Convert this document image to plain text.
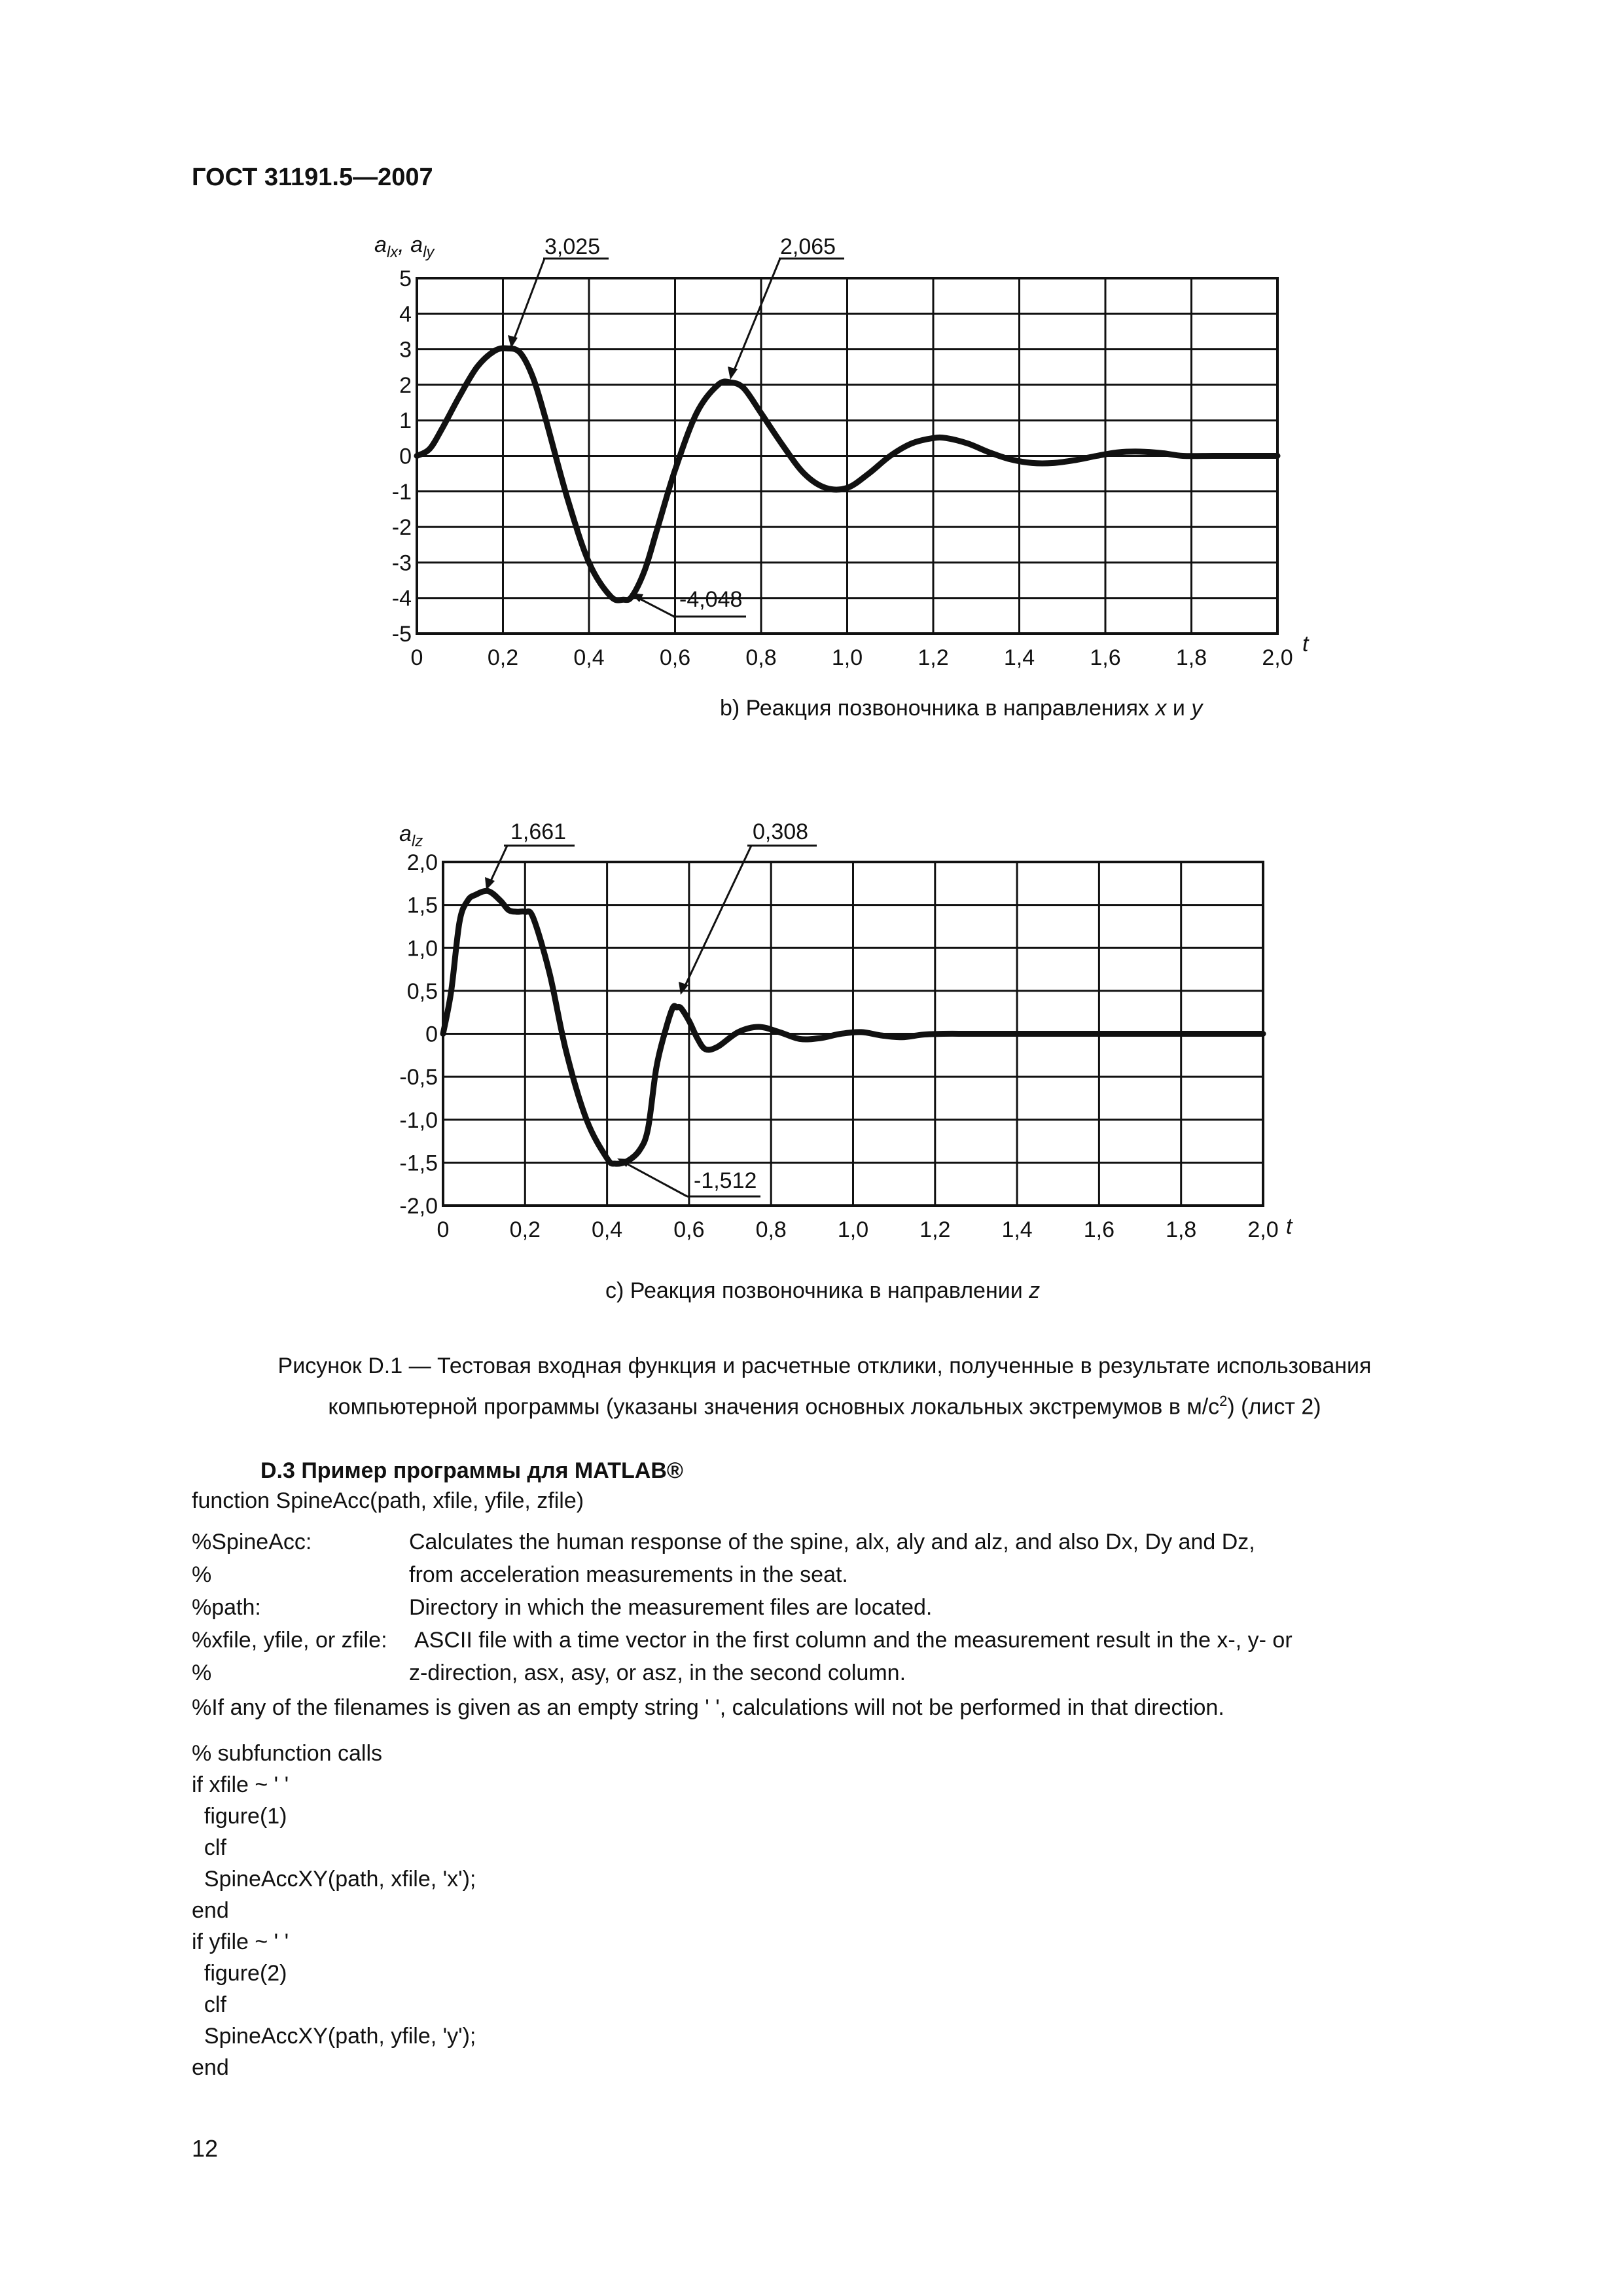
ГОСТ 31191.5—2007
5
4
3
2
1
0
-1
-2
-3
-4
-5
0	0,2 0,4 0,6 0,8 1,0 1,2 1,4 1,6 1,8 2,0
$a_{lx}$, $a_{ly}$
t
3,025	2,065
-4,048
b) Реакция позвоночника в направлениях x и y
2,0
1,5
1,0
0,5
0
-0,5
-1,0
-1,5
-2,0
0	0,2 0,4 0,6 0,8 1,0 1,2 1,4 1,6 1,8 2,0
$a_{lz}$
t
1,661	0,308
-1,512
c) Реакция позвоночника в направлении z
Рисунок D.1 — Тестовая входная функция и расчетные отклики, полученные в результате использования
компьютерной программы (указаны значения основных локальных экстремумов в $м/с^2$) (лист 2)
D.3 Пример программы для MATLAB®
function SpineAcc(path, xfile, yfile, zfile)
%SpineAcc:	Calculates the human response of the spine, alx, aly and alz, and also Dx, Dy and Dz,
%	from acceleration measurements in the seat.
%path:	Directory in which the measurement files are located.
%xfile, yfile, or zfile: ASCII file with a time vector in the first column and the measurement result in the x-, y- or
%	z-direction, asx, asy, or asz, in the second column.
%If any of the filenames is given as an empty string ' ', calculations will not be performed in that direction.
% subfunction calls
if xfile ~ ' '
figure(1)
clf
SpineAccXY(path, xfile, 'x');
end
if yfile ~ ' '
figure(2)
clf
SpineAccXY(path, yfile, 'y');
end
12
